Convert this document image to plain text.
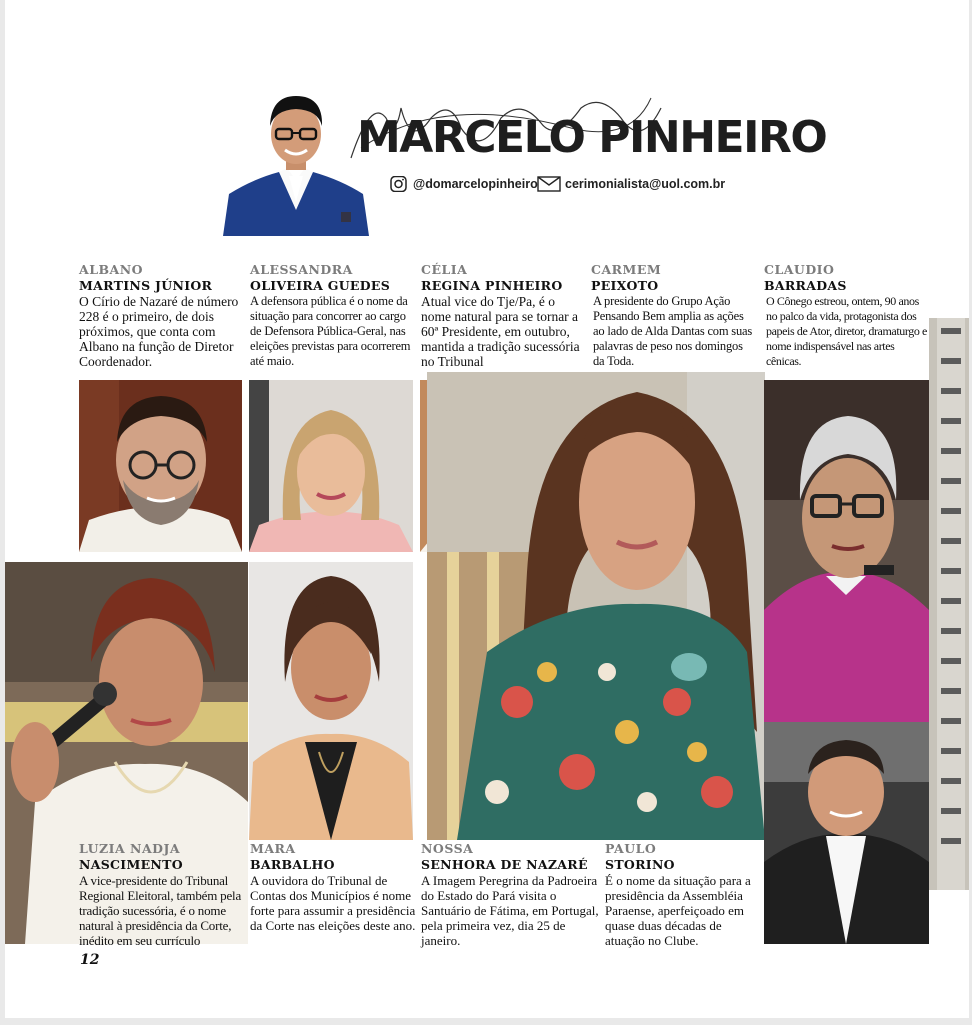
MARCELO PINHEIRO
@domarcelopinheiro cerimonialista@uol.com.br
ALBANO
MARTINS JÚNIOR
O Círio de Nazaré de número 228 é o primeiro, de dois próximos, que conta com Albano na função de Diretor Coordenador.
ALESSANDRA
OLIVEIRA GUEDES
A defensora pública é o nome da situação para concorrer ao cargo de Defensora Pública-Geral, nas eleições previstas para ocorrerem até maio.
CÉLIA
REGINA PINHEIRO
Atual vice do Tje/Pa, é o nome natural para se tornar a 60ª Presidente, em outubro, mantida a tradição sucessória no Tribunal
CARMEM
PEIXOTO
A presidente do Grupo Ação Pensando Bem amplia as ações ao lado de Alda Dantas com suas palavras de peso nos domingos da Toda.
CLAUDIO
BARRADAS
O Cônego estreou, ontem, 90 anos no palco da vida, protagonista dos papeis de Ator, diretor, dramaturgo e nome indispensável nas artes cênicas.
LUZIA NADJA
NASCIMENTO
A vice-presidente do Tribunal Regional Eleitoral, também pela tradição sucessória, é o nome natural à presidência da Corte, inédito em seu currículo
MARA
BARBALHO
A ouvidora do Tribunal de Contas dos Municípios é nome forte para assumir a presidência da Corte nas eleições deste ano.
NOSSA
SENHORA DE NAZARÉ
A Imagem Peregrina da Padroeira do Estado do Pará visita o Santuário de Fátima, em Portugal, pela primeira vez, dia 25 de janeiro.
PAULO
STORINO
É o nome da situação para a presidência da Assembléia Paraense, aperfeiçoado em quase duas décadas de atuação no Clube.
12
